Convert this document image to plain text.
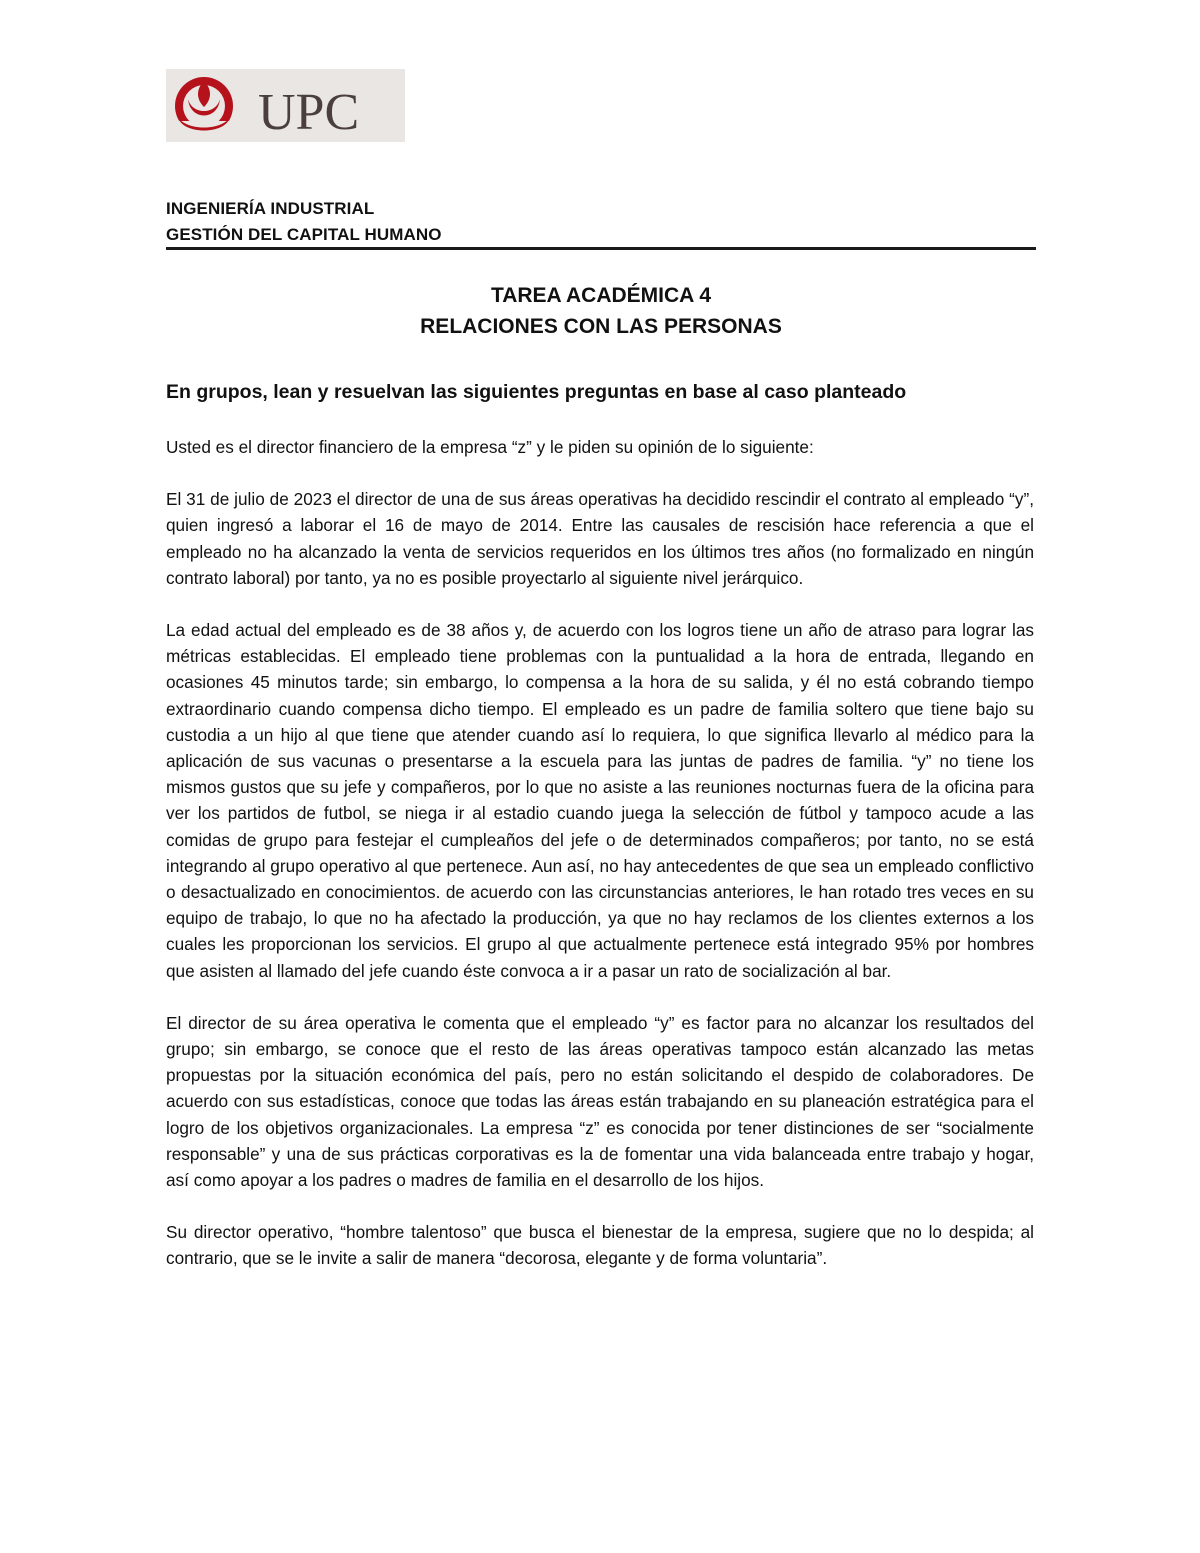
UPC
INGENIERÍA INDUSTRIAL
GESTIÓN DEL CAPITAL HUMANO
TAREA ACADÉMICA 4
RELACIONES CON LAS PERSONAS
En grupos, lean y resuelvan las siguientes preguntas en base al caso planteado

Usted es el director financiero de la empresa “z” y le piden su opinión de lo siguiente:

El 31 de julio de 2023 el director de una de sus áreas operativas ha decidido rescindir el contrato al empleado “y”, quien ingresó a laborar el 16 de mayo de 2014. Entre las causales de rescisión hace referencia a que el empleado no ha alcanzado la venta de servicios requeridos en los últimos tres años (no formalizado en ningún contrato laboral) por tanto, ya no es posible proyectarlo al siguiente nivel jerárquico.

La edad actual del empleado es de 38 años y, de acuerdo con los logros tiene un año de atraso para lograr las métricas establecidas. El empleado tiene problemas con la puntualidad a la hora de entrada, llegando en ocasiones 45 minutos tarde; sin embargo, lo compensa a la hora de su salida, y él no está cobrando tiempo extraordinario cuando compensa dicho tiempo. El empleado es un padre de familia soltero que tiene bajo su custodia a un hijo al que tiene que atender cuando así lo requiera, lo que significa llevarlo al médico para la aplicación de sus vacunas o presentarse a la escuela para las juntas de padres de familia. “y” no tiene los mismos gustos que su jefe y compañeros, por lo que no asiste a las reuniones nocturnas fuera de la oficina para ver los partidos de futbol, se niega ir al estadio cuando juega la selección de fútbol y tampoco acude a las comidas de grupo para festejar el cumpleaños del jefe o de determinados compañeros; por tanto, no se está integrando al grupo operativo al que pertenece. Aun así, no hay antecedentes de que sea un empleado conflictivo o desactualizado en conocimientos. de acuerdo con las circunstancias anteriores, le han rotado tres veces en su equipo de trabajo, lo que no ha afectado la producción, ya que no hay reclamos de los clientes externos a los cuales les proporcionan los servicios. El grupo al que actualmente pertenece está integrado 95% por hombres que asisten al llamado del jefe cuando éste convoca a ir a pasar un rato de socialización al bar.

El director de su área operativa le comenta que el empleado “y” es factor para no alcanzar los resultados del grupo; sin embargo, se conoce que el resto de las áreas operativas tampoco están alcanzado las metas propuestas por la situación económica del país, pero no están solicitando el despido de colaboradores. De acuerdo con sus estadísticas, conoce que todas las áreas están trabajando en su planeación estratégica para el logro de los objetivos organizacionales. La empresa “z” es conocida por tener distinciones de ser “socialmente responsable” y una de sus prácticas corporativas es la de fomentar una vida balanceada entre trabajo y hogar, así como apoyar a los padres o madres de familia en el desarrollo de los hijos.

Su director operativo, “hombre talentoso” que busca el bienestar de la empresa, sugiere que no lo despida; al contrario, que se le invite a salir de manera “decorosa, elegante y de forma voluntaria”.
